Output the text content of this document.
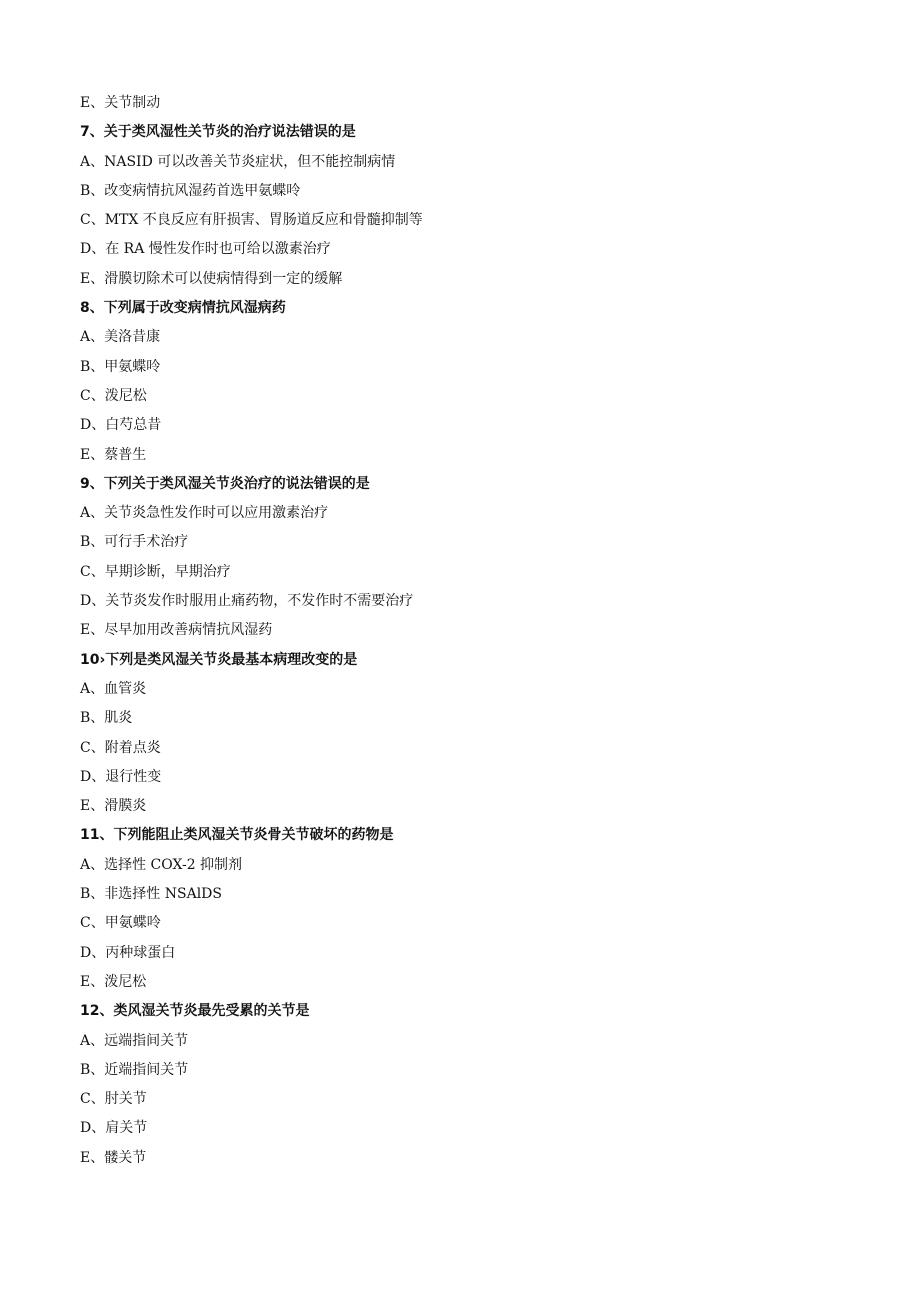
E、关节制动
7、关于类风湿性关节炎的治疗说法错误的是
A、NASID 可以改善关节炎症状，但不能控制病情
B、改变病情抗风湿药首选甲氨蝶呤
C、MTX 不良反应有肝损害、胃肠道反应和骨髓抑制等
D、在 RA 慢性发作时也可给以激素治疗
E、滑膜切除术可以使病情得到一定的缓解
8、下列属于改变病情抗风湿病药
A、美洛昔康
B、甲氨蝶呤
C、泼尼松
D、白芍总昔
E、蔡普生
9、下列关于类风湿关节炎治疗的说法错误的是
A、关节炎急性发作时可以应用激素治疗
B、可行手术治疗
C、早期诊断，早期治疗
D、关节炎发作时服用止痛药物，不发作时不需要治疗
E、尽早加用改善病情抗风湿药
10›下列是类风湿关节炎最基本病理改变的是
A、血管炎
B、肌炎
C、附着点炎
D、退行性变
E、滑膜炎
11、下列能阻止类风湿关节炎骨关节破坏的药物是
A、选择性 COX-2 抑制剂
B、非选择性 NSAlDS
C、甲氨蝶呤
D、丙种球蛋白
E、泼尼松
12、类风湿关节炎最先受累的关节是
A、远端指间关节
B、近端指间关节
C、肘关节
D、肩关节
E、髅关节
